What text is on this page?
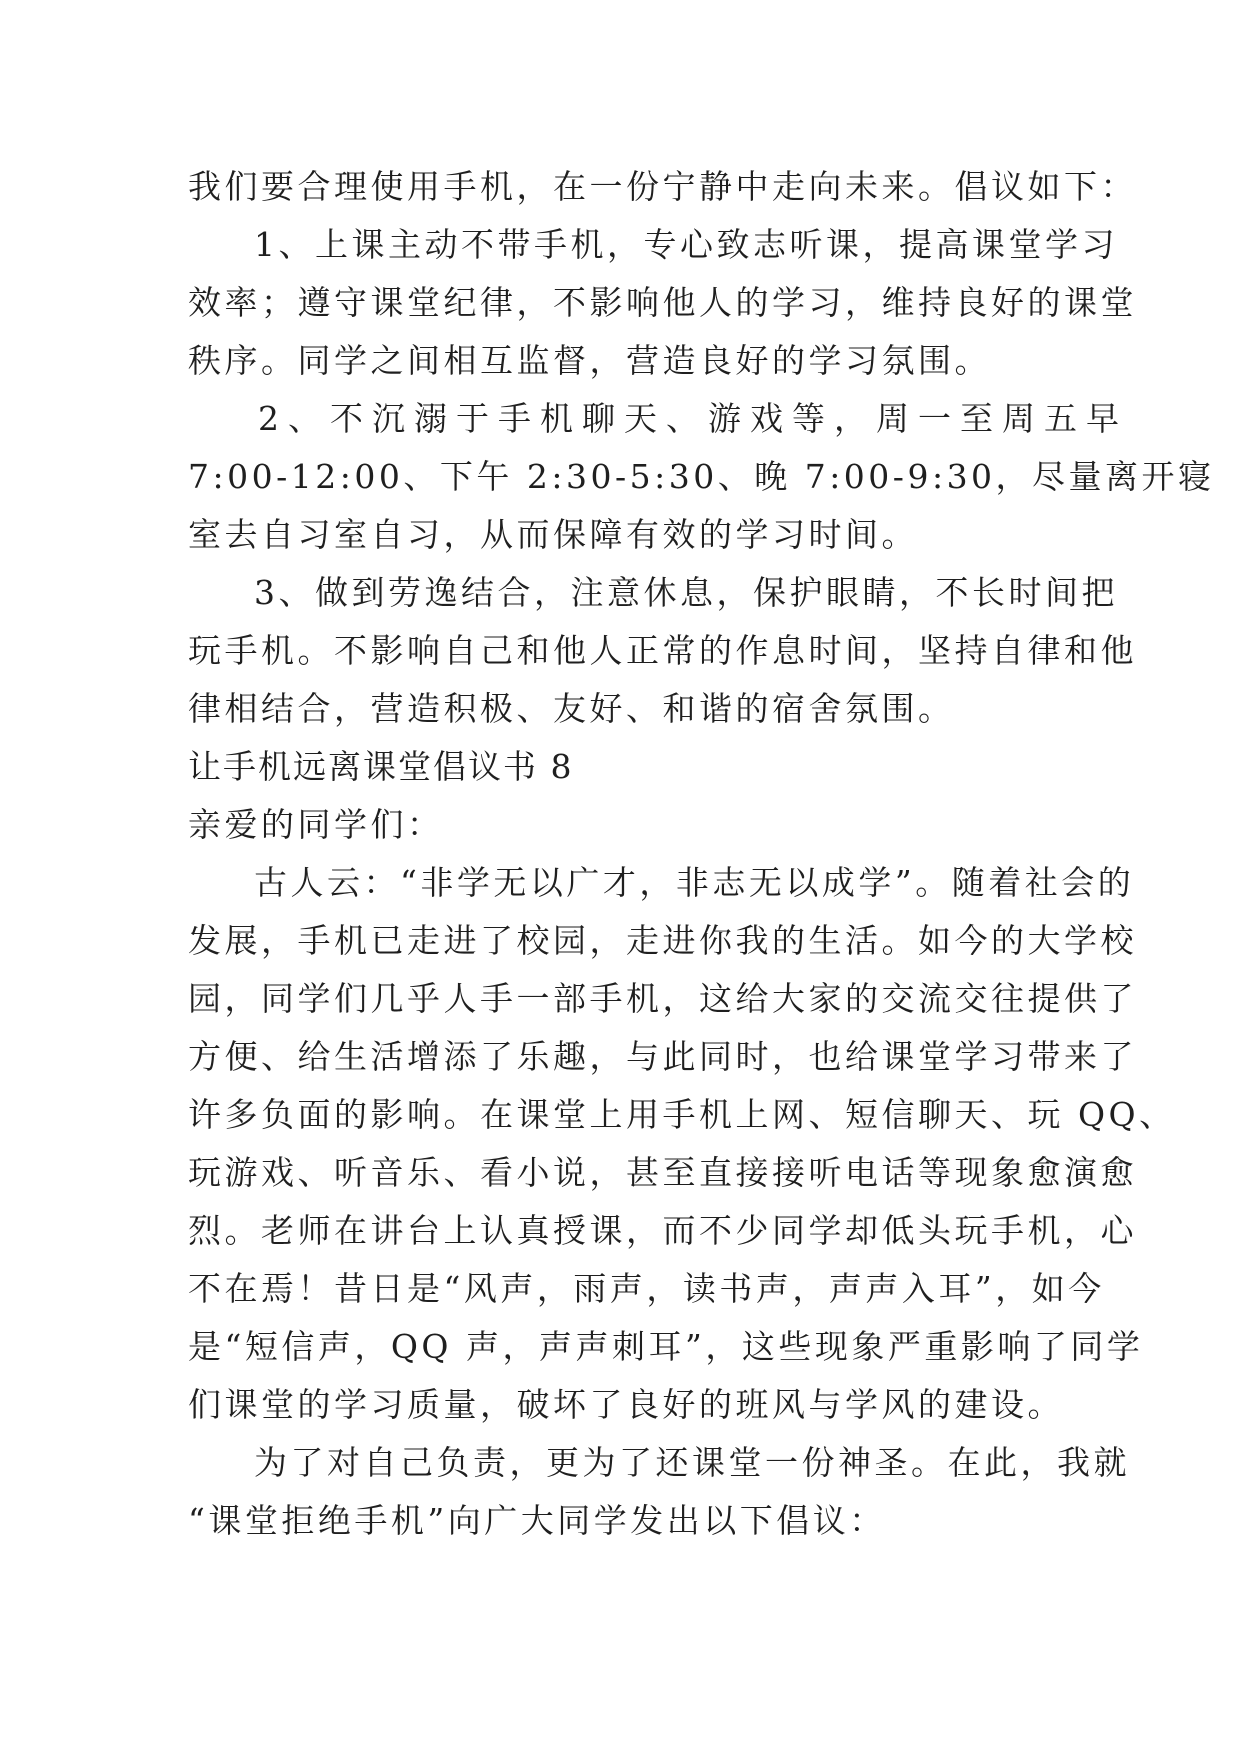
我们要合理使用手机，在一份宁静中走向未来。倡议如下：
1、上课主动不带手机，专心致志听课，提高课堂学习
效率；遵守课堂纪律，不影响他人的学习，维持良好的课堂
秩序。同学之间相互监督，营造良好的学习氛围。
2、不沉溺于手机聊天、游戏等，周一至周五早
7:00-12:00、下午 2:30-5:30、晚 7:00-9:30，尽量离开寝
室去自习室自习，从而保障有效的学习时间。
3、做到劳逸结合，注意休息，保护眼睛，不长时间把
玩手机。不影响自己和他人正常的作息时间，坚持自律和他
律相结合，营造积极、友好、和谐的宿舍氛围。
让手机远离课堂倡议书 8
亲爱的同学们：
古人云：“非学无以广才，非志无以成学”。随着社会的
发展，手机已走进了校园，走进你我的生活。如今的大学校
园，同学们几乎人手一部手机，这给大家的交流交往提供了
方便、给生活增添了乐趣，与此同时，也给课堂学习带来了
许多负面的影响。在课堂上用手机上网、短信聊天、玩 QQ、
玩游戏、听音乐、看小说，甚至直接接听电话等现象愈演愈
烈。老师在讲台上认真授课，而不少同学却低头玩手机，心
不在焉！昔日是“风声，雨声，读书声，声声入耳”，如今
是“短信声，QQ 声，声声刺耳”，这些现象严重影响了同学
们课堂的学习质量，破坏了良好的班风与学风的建设。
为了对自己负责，更为了还课堂一份神圣。在此，我就
“课堂拒绝手机”向广大同学发出以下倡议：
